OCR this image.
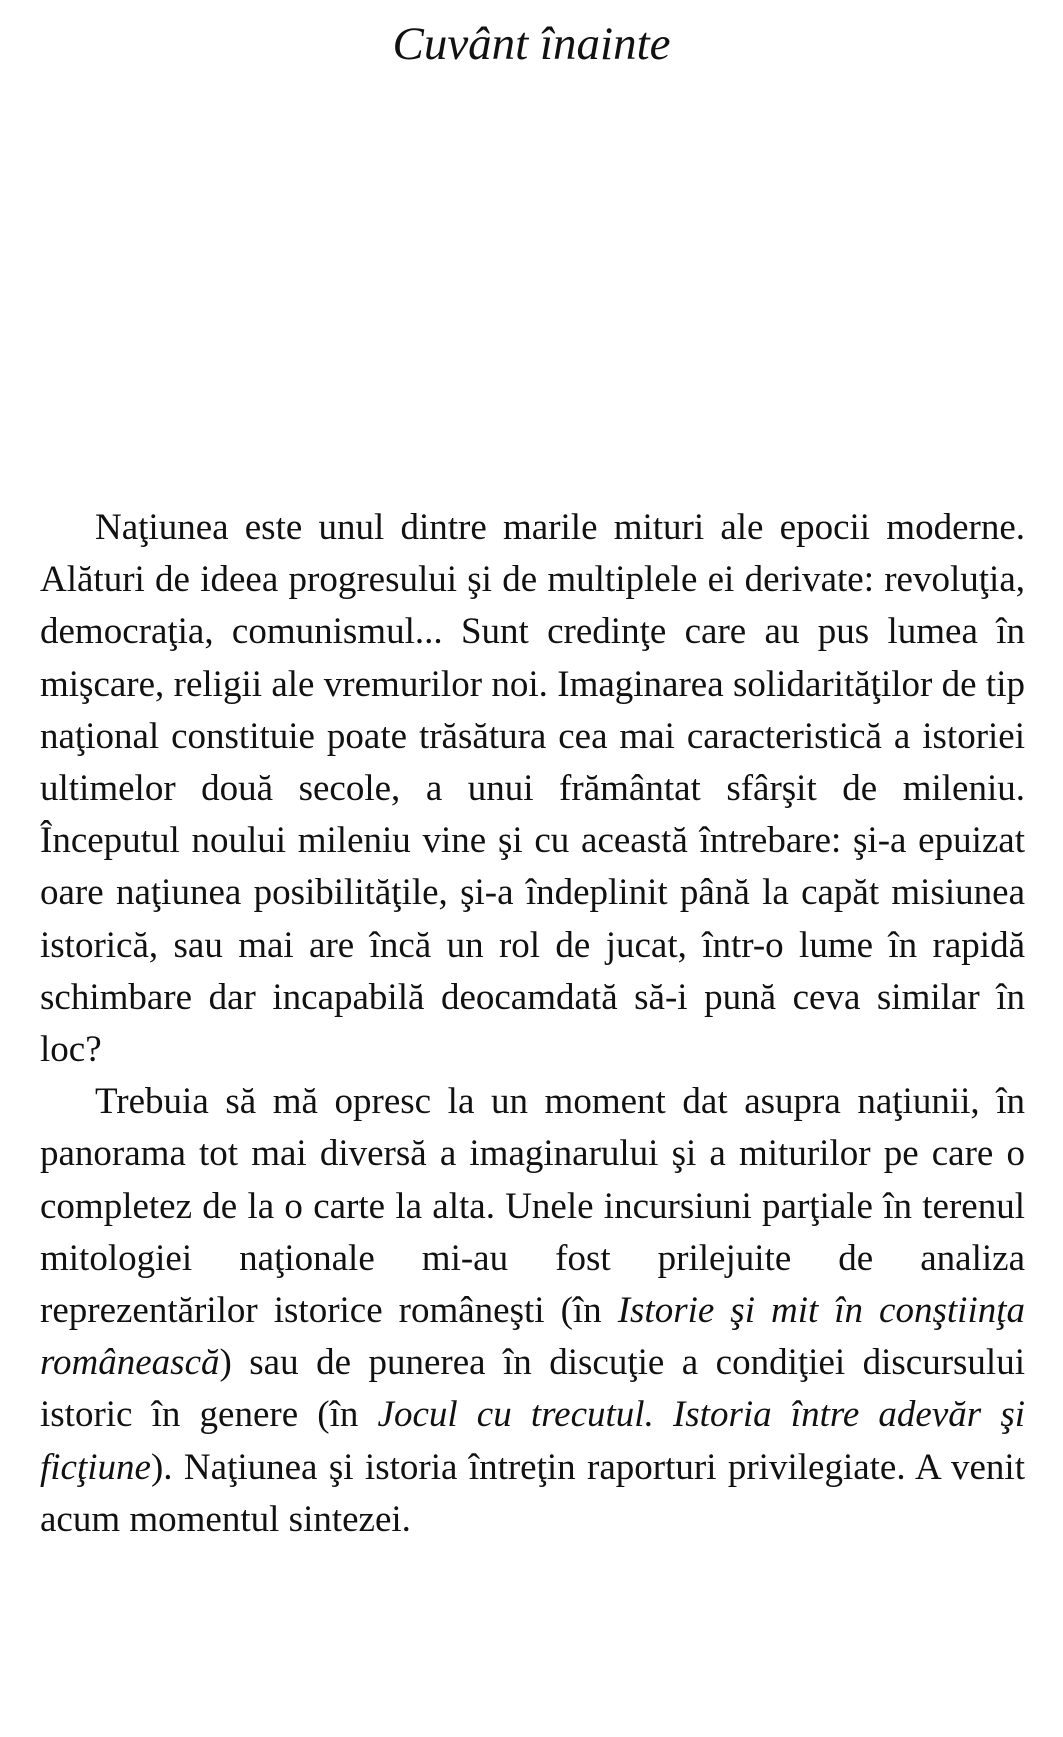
Cuvânt înainte

Naţiunea este unul dintre marile mituri ale epocii moderne. Alături de ideea progresului şi de multiplele ei derivate: revoluţia, democraţia, comunismul... Sunt credinţe care au pus lumea în mişcare, religii ale vremurilor noi. Imaginarea solidarităţilor de tip naţional constituie poate trăsătura cea mai caracteristică a istoriei ultimelor două secole, a unui frământat sfârşit de mileniu. Începutul noului mileniu vine şi cu această întrebare: şi-a epuizat oare naţiunea posibilităţile, şi-a îndeplinit până la capăt misiunea istorică, sau mai are încă un rol de jucat, într-o lume în rapidă schimbare dar incapabilă deocamdată să-i pună ceva similar în loc?

Trebuia să mă opresc la un moment dat asupra naţiunii, în panorama tot mai diversă a imaginarului şi a miturilor pe care o completez de la o carte la alta. Unele incursiuni parţiale în terenul mitologiei naţionale mi-au fost prilejuite de analiza reprezentărilor istorice româneşti (în Istorie şi mit în conştiinţa românească) sau de punerea în discuţie a condiţiei discursului istoric în genere (în Jocul cu trecutul. Istoria între adevăr şi ficţiune). Naţiunea şi istoria întreţin raporturi privilegiate. A venit acum momentul sintezei.
